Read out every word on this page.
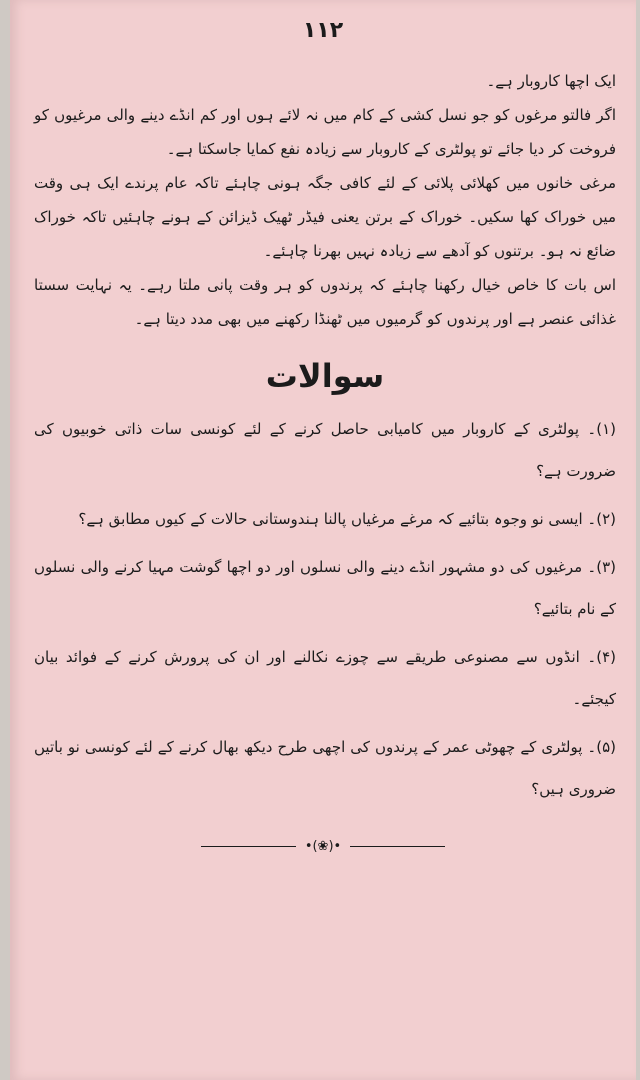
۱۱۲

ایک اچھا کاروبار ہے۔

اگر فالتو مرغوں کو جو نسل کشی کے کام میں نہ لائے ہوں اور کم انڈے دینے والی مرغیوں کو فروخت کر دیا جائے تو پولٹری کے کاروبار سے زیادہ نفع کمایا جاسکتا ہے۔

مرغی خانوں میں کھلائی پلائی کے لئے کافی جگہ ہونی چاہئے تاکہ عام پرندے ایک ہی وقت میں خوراک کھا سکیں۔ خوراک کے برتن یعنی فیڈر ٹھیک ڈیزائن کے ہونے چاہئیں تاکہ خوراک ضائع نہ ہو۔ برتنوں کو آدھے سے زیادہ نہیں بھرنا چاہئے۔

اس بات کا خاص خیال رکھنا چاہئے کہ پرندوں کو ہر وقت پانی ملتا رہے۔ یہ نہایت سستا غذائی عنصر ہے اور پرندوں کو گرمیوں میں ٹھنڈا رکھنے میں بھی مدد دیتا ہے۔

سوالات

(۱)۔ پولٹری کے کاروبار میں کامیابی حاصل کرنے کے لئے کونسی سات ذاتی خوبیوں کی ضرورت ہے؟

(۲)۔ ایسی نو وجوہ بتائیے کہ مرغے مرغیاں پالنا ہندوستانی حالات کے کیوں مطابق ہے؟

(۳)۔ مرغیوں کی دو مشہور انڈے دینے والی نسلوں اور دو اچھا گوشت مہیا کرنے والی نسلوں کے نام بتائیے؟

(۴)۔ انڈوں سے مصنوعی طریقے سے چوزے نکالنے اور ان کی پرورش کرنے کے فوائد بیان کیجئے۔

(۵)۔ پولٹری کے چھوٹی عمر کے پرندوں کی اچھی طرح دیکھ بھال کرنے کے لئے کونسی نو باتیں ضروری ہیں؟

•(❀)•
